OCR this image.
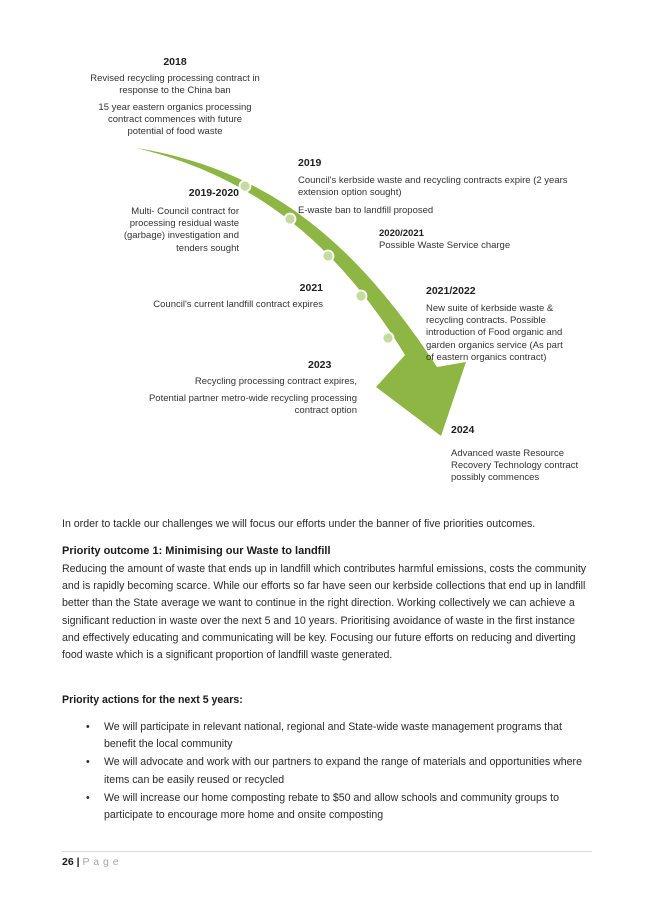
2018
Revised recycling processing contract in response to the China ban
15 year eastern organics processing contract commences with future potential of food waste
2019
Council's kerbside waste and recycling contracts expire (2 years extension option sought)
E-waste ban to landfill proposed
2019-2020
Multi- Council contract for processing residual waste (garbage) investigation and tenders sought
2020/2021
Possible Waste Service charge
2021
Council's current landfill contract expires
2021/2022
New suite of kerbside waste & recycling contracts. Possible introduction of Food organic and garden organics service (As part of eastern organics contract)
2023
Recycling processing contract expires,
Potential partner metro-wide recycling processing contract option
2024
Advanced waste Resource Recovery Technology contract possibly commences
In order to tackle our challenges we will focus our efforts under the banner of five priorities outcomes.
Priority outcome 1: Minimising our Waste to landfill
Reducing the amount of waste that ends up in landfill which contributes harmful emissions, costs the community and is rapidly becoming scarce. While our efforts so far have seen our kerbside collections that end up in landfill better than the State average we want to continue in the right direction. Working collectively we can achieve a significant reduction in waste over the next 5 and 10 years. Prioritising avoidance of waste in the first instance and effectively educating and communicating will be key. Focusing our future efforts on reducing and diverting food waste which is a significant proportion of landfill waste generated.
Priority actions for the next 5 years:
• We will participate in relevant national, regional and State-wide waste management programs that benefit the local community
• We will advocate and work with our partners to expand the range of materials and opportunities where items can be easily reused or recycled
• We will increase our home composting rebate to $50 and allow schools and community groups to participate to encourage more home and onsite composting
26 | P a g e
